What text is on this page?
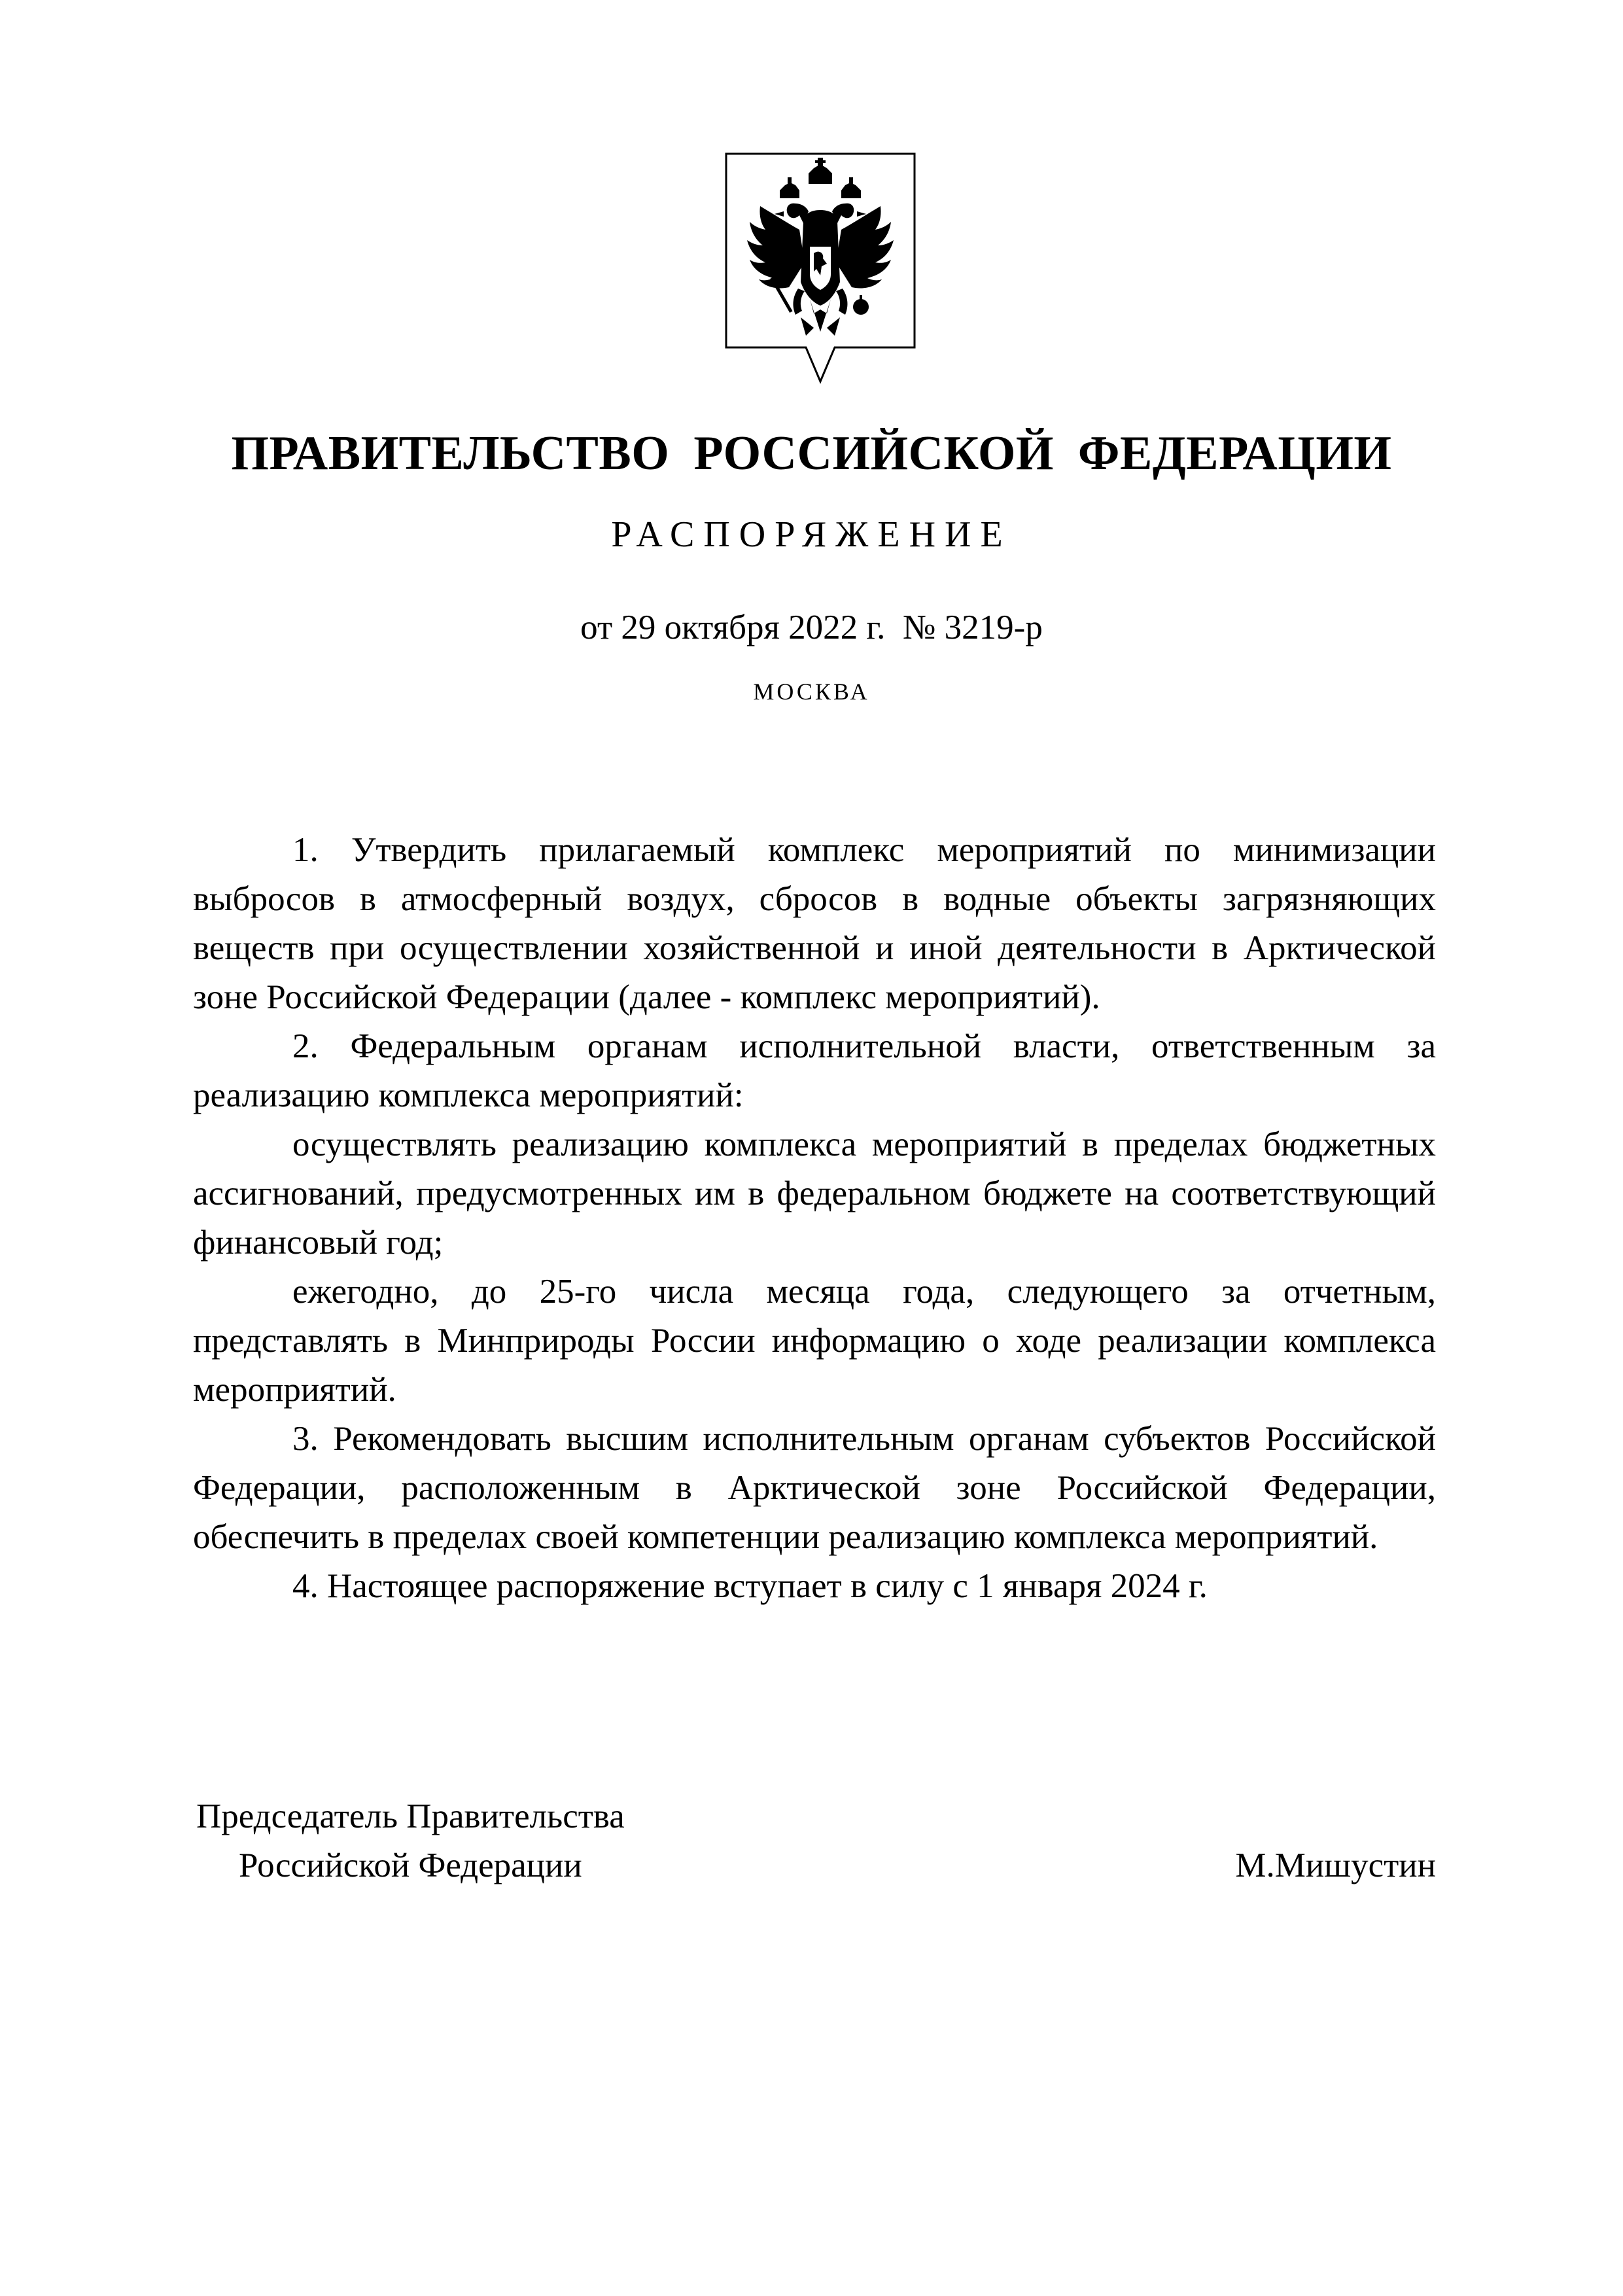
ПРАВИТЕЛЬСТВО РОССИЙСКОЙ ФЕДЕРАЦИИ
РАСПОРЯЖЕНИЕ
от 29 октября 2022 г.  № 3219-р
МОСКВА

1. Утвердить прилагаемый комплекс мероприятий по минимизации выбросов в атмосферный воздух, сбросов в водные объекты загрязняющих веществ при осуществлении хозяйственной и иной деятельности в Арктической зоне Российской Федерации (далее - комплекс мероприятий).

2. Федеральным органам исполнительной власти, ответственным за реализацию комплекса мероприятий:

осуществлять реализацию комплекса мероприятий в пределах бюджетных ассигнований, предусмотренных им в федеральном бюджете на соответствующий финансовый год;

ежегодно, до 25-го числа месяца года, следующего за отчетным, представлять в Минприроды России информацию о ходе реализации комплекса мероприятий.

3. Рекомендовать высшим исполнительным органам субъектов Российской Федерации, расположенным в Арктической зоне Российской Федерации, обеспечить в пределах своей компетенции реализацию комплекса мероприятий.

4. Настоящее распоряжение вступает в силу с 1 января 2024 г.

Председатель Правительства
Российской Федерации	М.Мишустин
